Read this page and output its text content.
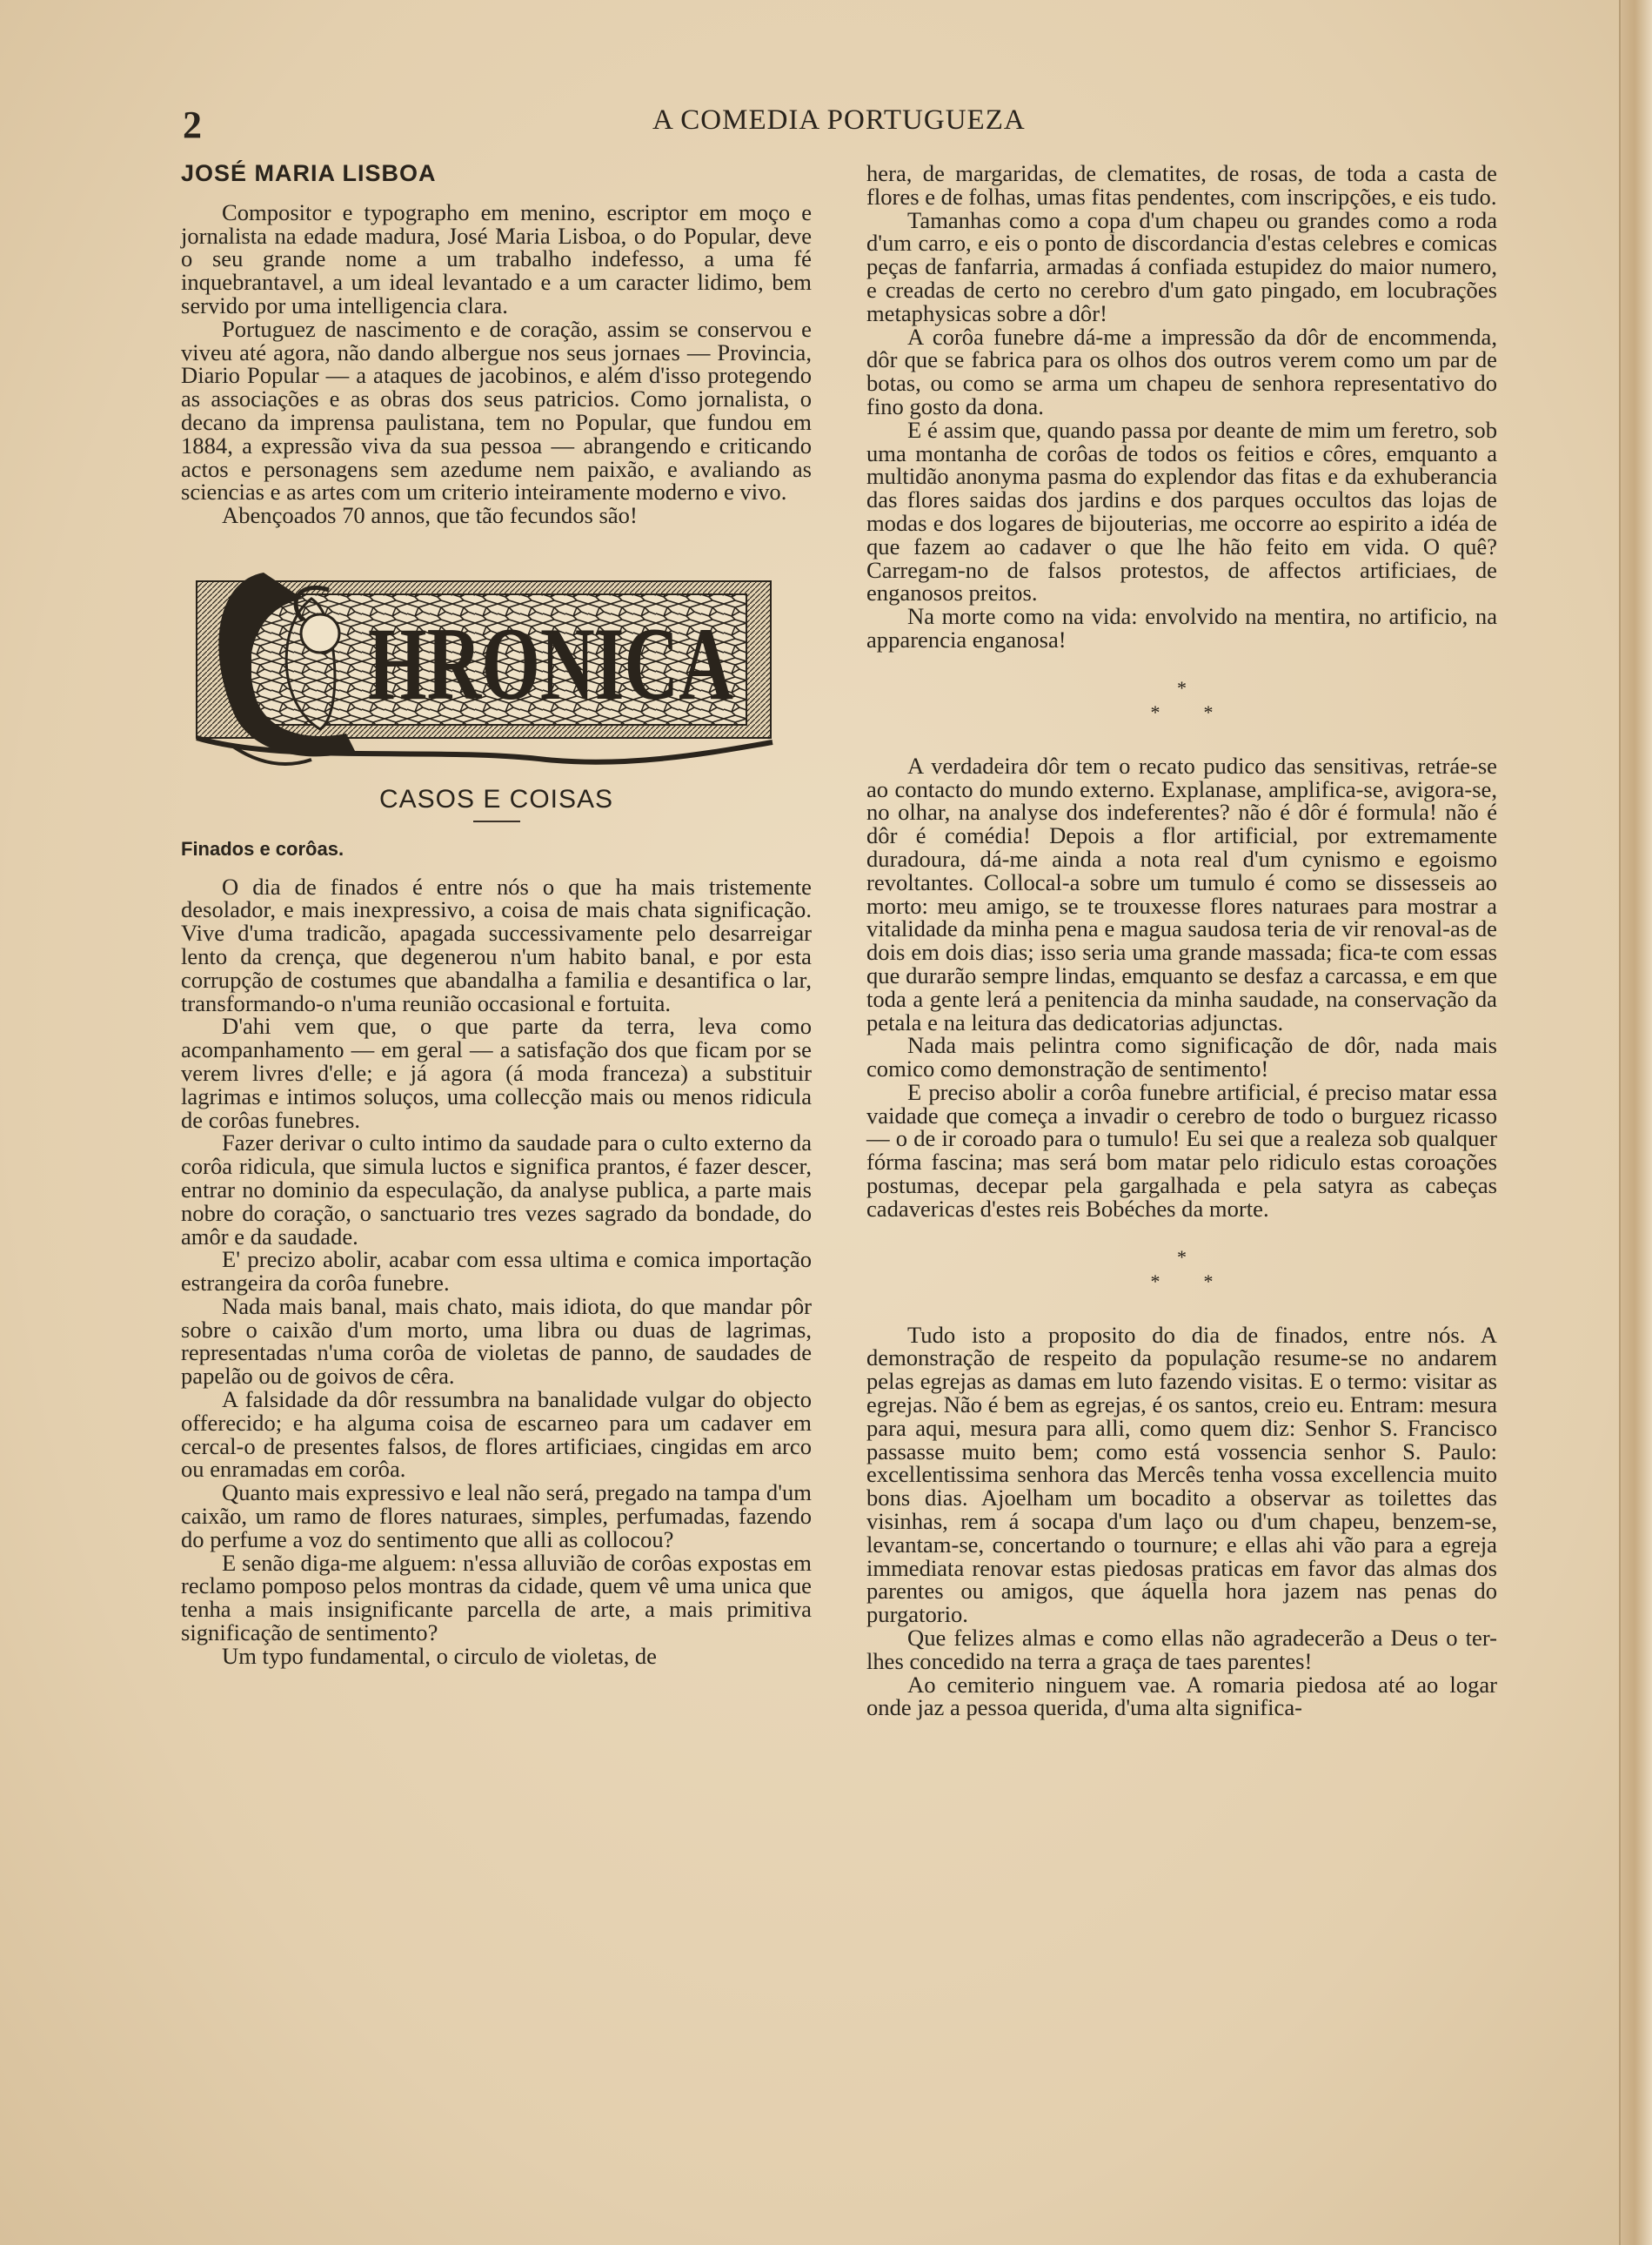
2	A COMEDIA PORTUGUEZA
JOSÉ MARIA LISBOA

Compositor e typographo em menino, escriptor em moço e jornalista na edade madura, José Maria Lisboa, o do Popular, deve o seu grande nome a um trabalho indefesso, a uma fé inquebrantavel, a um ideal levantado e a um caracter lidimo, bem servido por uma intelligencia clara.

Portuguez de nascimento e de coração, assim se conservou e viveu até agora, não dando albergue nos seus jornaes — Provincia, Diario Popular — a ataques de jacobinos, e além d'isso protegendo as associações e as obras dos seus patricios. Como jornalista, o decano da imprensa paulistana, tem no Popular, que fundou em 1884, a expressão viva da sua pessoa — abrangendo e criticando actos e personagens sem azedume nem paixão, e avaliando as sciencias e as artes com um criterio inteiramente moderno e vivo.

Abençoados 70 annos, que tão fecundos são!

HRONICA
CASOS E COISAS
Finados e corôas.

O dia de finados é entre nós o que ha mais tristemente desolador, e mais inexpressivo, a coisa de mais chata significação. Vive d'uma tradicão, apagada successivamente pelo desarreigar lento da crença, que degenerou n'um habito banal, e por esta corrupção de costumes que abandalha a familia e desantifica o lar, transformando-o n'uma reunião occasional e fortuita.

D'ahi vem que, o que parte da terra, leva como acompanhamento — em geral — a satisfação dos que ficam por se verem livres d'elle; e já agora (á moda franceza) a substituir lagrimas e intimos soluços, uma collecção mais ou menos ridicula de corôas funebres.

Fazer derivar o culto intimo da saudade para o culto externo da corôa ridicula, que simula luctos e significa prantos, é fazer descer, entrar no dominio da especulação, da analyse publica, a parte mais nobre do coração, o sanctuario tres vezes sagrado da bondade, do amôr e da saudade.

E' precizo abolir, acabar com essa ultima e comica importação estrangeira da corôa funebre.

Nada mais banal, mais chato, mais idiota, do que mandar pôr sobre o caixão d'um morto, uma libra ou duas de lagrimas, representadas n'uma corôa de violetas de panno, de saudades de papelão ou de goivos de cêra.

A falsidade da dôr ressumbra na banalidade vulgar do objecto offerecido; e ha alguma coisa de escarneo para um cadaver em cercal-o de presentes falsos, de flores artificiaes, cingidas em arco ou enramadas em corôa.

Quanto mais expressivo e leal não será, pregado na tampa d'um caixão, um ramo de flores naturaes, simples, perfumadas, fazendo do perfume a voz do sentimento que alli as collocou?

E senão diga-me alguem: n'essa alluvião de corôas expostas em reclamo pomposo pelos montras da cidade, quem vê uma unica que tenha a mais insignificante parcella de arte, a mais primitiva significação de sentimento?

Um typo fundamental, o circulo de violetas, de

hera, de margaridas, de clematites, de rosas, de toda a casta de flores e de folhas, umas fitas pendentes, com inscripções, e eis tudo.

Tamanhas como a copa d'um chapeu ou grandes como a roda d'um carro, e eis o ponto de discordancia d'estas celebres e comicas peças de fanfarria, armadas á confiada estupidez do maior numero, e creadas de certo no cerebro d'um gato pingado, em locubrações metaphysicas sobre a dôr!

A corôa funebre dá-me a impressão da dôr de encommenda, dôr que se fabrica para os olhos dos outros verem como um par de botas, ou como se arma um chapeu de senhora representativo do fino gosto da dona.

E é assim que, quando passa por deante de mim um feretro, sob uma montanha de corôas de todos os feitios e côres, emquanto a multidão anonyma pasma do explendor das fitas e da exhuberancia das flores saidas dos jardins e dos parques occultos das lojas de modas e dos logares de bijouterias, me occorre ao espirito a idéa de que fazem ao cadaver o que lhe hão feito em vida. O quê? Carregam-no de falsos protestos, de affectos artificiaes, de enganosos preitos.

Na morte como na vida: envolvido na mentira, no artificio, na apparencia enganosa!

*
* *

A verdadeira dôr tem o recato pudico das sensitivas, retráe-se ao contacto do mundo externo. Explanase, amplifica-se, avigora-se, no olhar, na analyse dos indeferentes? não é dôr é formula! não é dôr é comédia! Depois a flor artificial, por extremamente duradoura, dá-me ainda a nota real d'um cynismo e egoismo revoltantes. Collocal-a sobre um tumulo é como se dissesseis ao morto: meu amigo, se te trouxesse flores naturaes para mostrar a vitalidade da minha pena e magua saudosa teria de vir renoval-as de dois em dois dias; isso seria uma grande massada; fica-te com essas que durarão sempre lindas, emquanto se desfaz a carcassa, e em que toda a gente lerá a penitencia da minha saudade, na conservação da petala e na leitura das dedicatorias adjunctas.

Nada mais pelintra como significação de dôr, nada mais comico como demonstração de sentimento!

E preciso abolir a corôa funebre artificial, é preciso matar essa vaidade que começa a invadir o cerebro de todo o burguez ricasso — o de ir coroado para o tumulo! Eu sei que a realeza sob qualquer fórma fascina; mas será bom matar pelo ridiculo estas coroações postumas, decepar pela gargalhada e pela satyra as cabeças cadavericas d'estes reis Bobéches da morte.

*
* *

Tudo isto a proposito do dia de finados, entre nós. A demonstração de respeito da população resume-se no andarem pelas egrejas as damas em luto fazendo visitas. E o termo: visitar as egrejas. Não é bem as egrejas, é os santos, creio eu. Entram: mesura para aqui, mesura para alli, como quem diz: Senhor S. Francisco passasse muito bem; como está vossencia senhor S. Paulo: excellentissima senhora das Mercês tenha vossa excellencia muito bons dias. Ajoelham um bocadito a observar as toilettes das visinhas, rem á socapa d'um laço ou d'um chapeu, benzem-se, levantam-se, concertando o tournure; e ellas ahi vão para a egreja immediata renovar estas piedosas praticas em favor das almas dos parentes ou amigos, que áquella hora jazem nas penas do purgatorio.

Que felizes almas e como ellas não agradecerão a Deus o ter-lhes concedido na terra a graça de taes parentes!

Ao cemiterio ninguem vae. A romaria piedosa até ao logar onde jaz a pessoa querida, d'uma alta significa-
